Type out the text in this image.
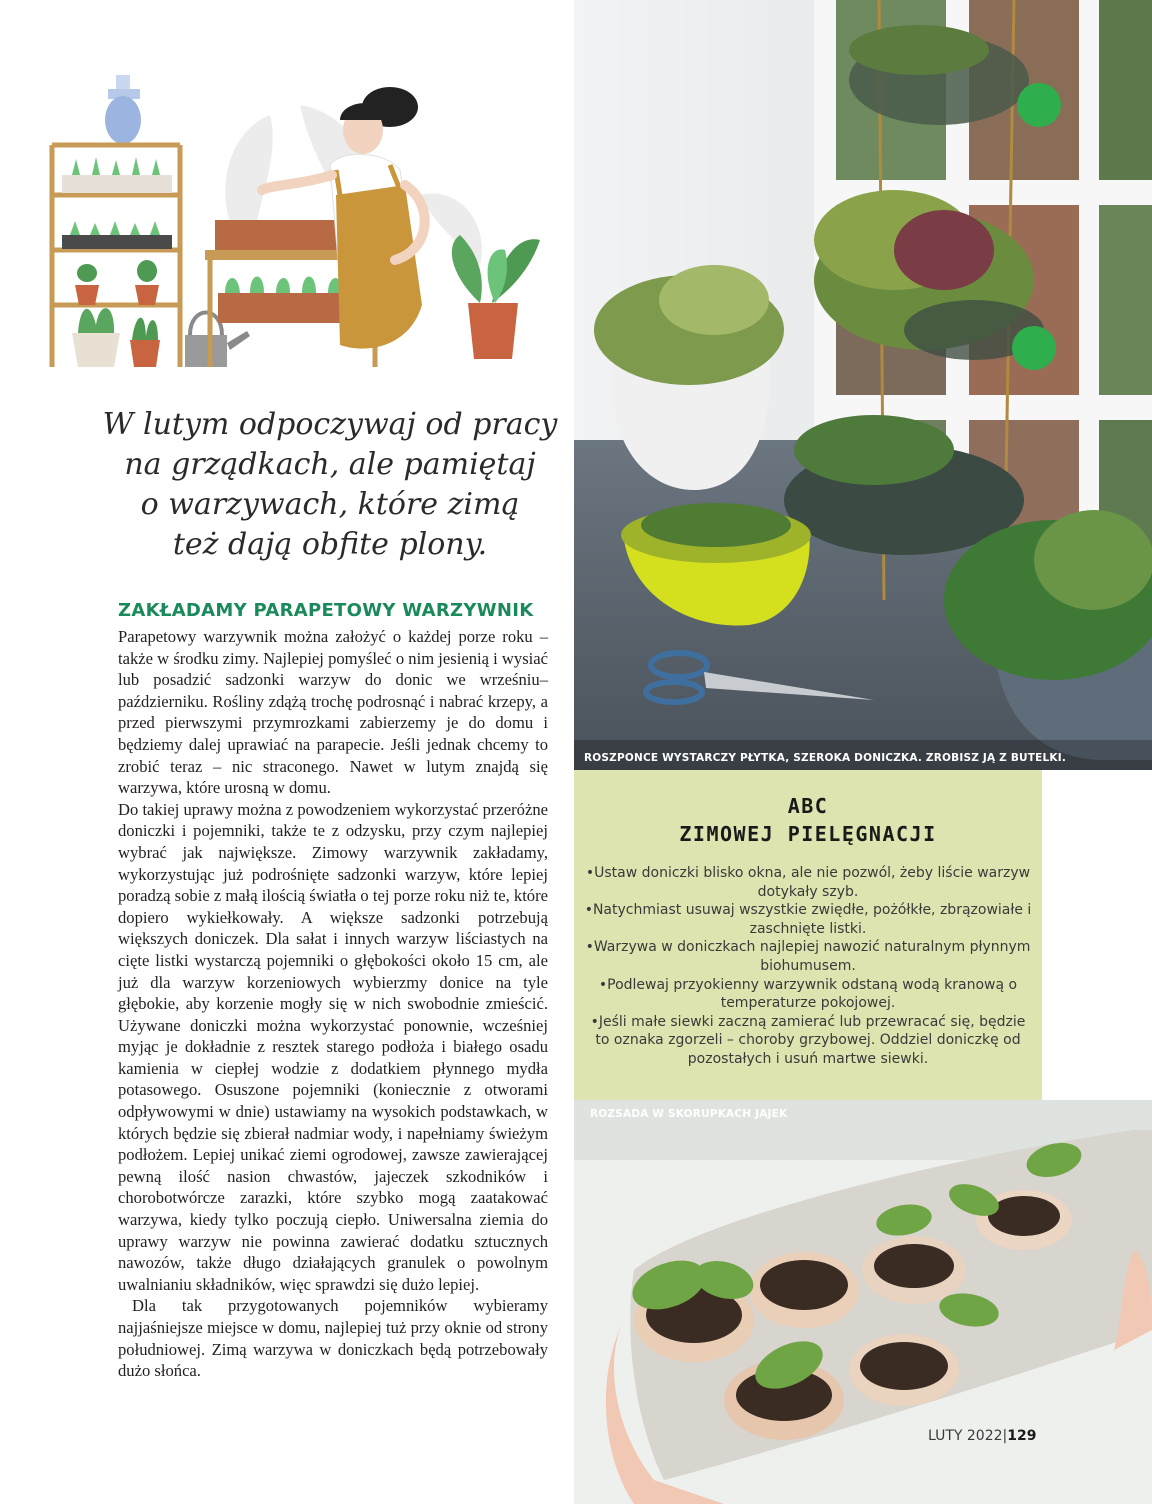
W lutym odpoczywaj od pracy
na grządkach, ale pamiętaj
o warzywach, które zimą
też dają obfite plony.
ZAKŁADAMY PARAPETOWY WARZYWNIK

Parapetowy warzywnik można założyć o każdej porze roku – także w środku zimy. Najlepiej pomyśleć o nim jesienią i wysiać lub posadzić sadzonki warzyw do donic we wrześniu–październiku. Rośliny zdążą trochę podrosnąć i nabrać krzepy, a przed pierwszymi przymrozkami zabierzemy je do domu i będziemy dalej uprawiać na parapecie. Jeśli jednak chcemy to zrobić teraz – nic straconego. Nawet w lutym znajdą się warzywa, które urosną w domu.

Do takiej uprawy można z powodzeniem wykorzystać przeróżne doniczki i pojemniki, także te z odzysku, przy czym najlepiej wybrać jak największe. Zimowy warzywnik zakładamy, wykorzystując już podrośnięte sadzonki warzyw, które lepiej poradzą sobie z małą ilością światła o tej porze roku niż te, które dopiero wykiełkowały. A większe sadzonki potrzebują większych doniczek. Dla sałat i innych warzyw liściastych na cięte listki wystarczą pojemniki o głębokości około 15 cm, ale już dla warzyw korzeniowych wybierzmy donice na tyle głębokie, aby korzenie mogły się w nich swobodnie zmieścić. Używane doniczki można wykorzystać ponownie, wcześniej myjąc je dokładnie z resztek starego podłoża i białego osadu kamienia w ciepłej wodzie z dodatkiem płynnego mydła potasowego. Osuszone pojemniki (koniecznie z otworami odpływowymi w dnie) ustawiamy na wysokich podstawkach, w których będzie się zbierał nadmiar wody, i napełniamy świeżym podłożem. Lepiej unikać ziemi ogrodowej, zawsze zawierającej pewną ilość nasion chwastów, jajeczek szkodników i chorobotwórcze zarazki, które szybko mogą zaatakować warzywa, kiedy tylko poczują ciepło. Uniwersalna ziemia do uprawy warzyw nie powinna zawierać dodatku sztucznych nawozów, także długo działających granulek o powolnym uwalnianiu składników, więc sprawdzi się dużo lepiej.

Dla tak przygotowanych pojemników wybieramy najjaśniejsze miejsce w domu, najlepiej tuż przy oknie od strony południowej. Zimą warzywa w doniczkach będą potrzebowały dużo słońca.

ROSZPONCE WYSTARCZY PŁYTKA, SZEROKA DONICZKA. ZROBISZ JĄ Z BUTELKI.
ABC
ZIMOWEJ PIELĘGNACJI

•Ustaw doniczki blisko okna, ale nie pozwól, żeby liście warzyw dotykały szyb.

•Natychmiast usuwaj wszystkie zwiędłe, pożółkłe, zbrązowiałe i zaschnięte listki.

•Warzywa w doniczkach najlepiej nawozić naturalnym płynnym biohumusem.

•Podlewaj przyokienny warzywnik odstaną wodą kranową o temperaturze pokojowej.

•Jeśli małe siewki zaczną zamierać lub przewracać się, będzie to oznaka zgorzeli – choroby grzybowej. Oddziel doniczkę od pozostałych i usuń martwe siewki.

ROZSADA W SKORUPKACH JAJEK
LUTY 2022|129
